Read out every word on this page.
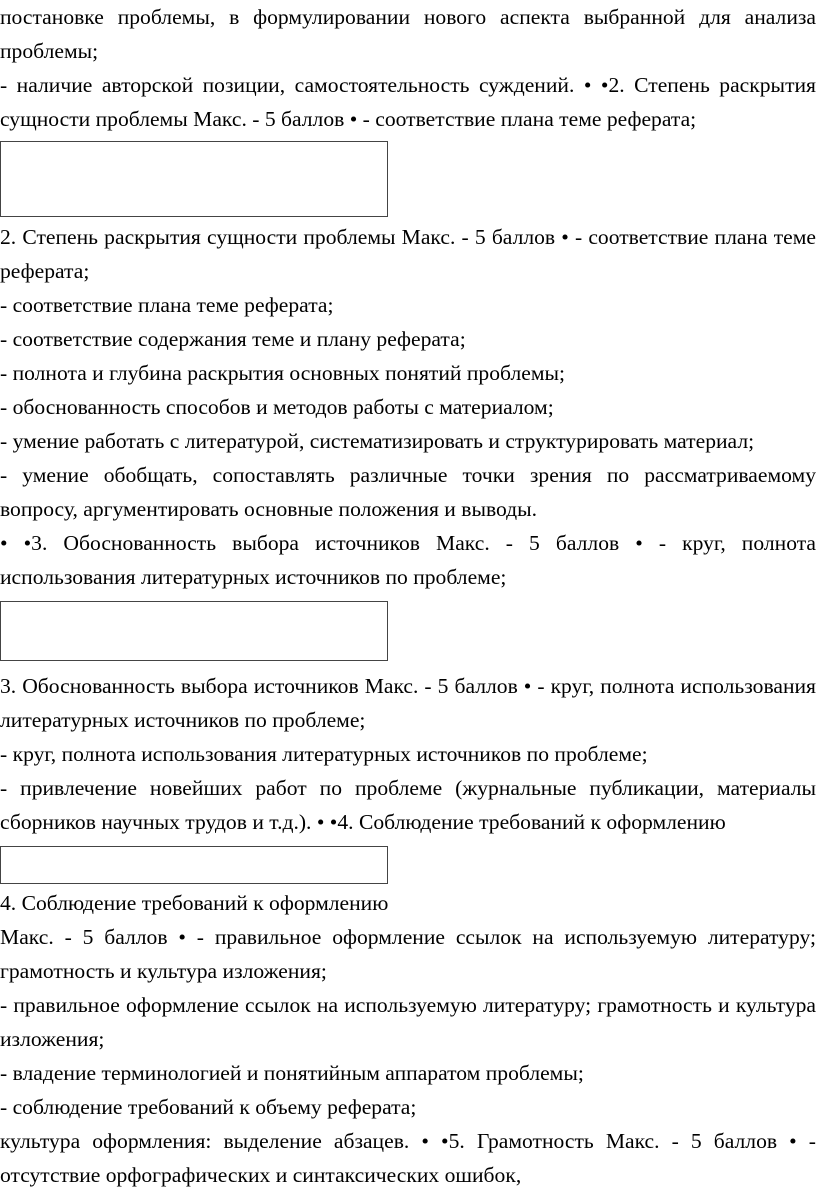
постановке проблемы, в формулировании нового аспекта выбранной для анализа проблемы;

- наличие авторской позиции, самостоятельность суждений. • •2. Степень раскрытия сущности проблемы Макс. - 5 баллов • - соответствие плана теме реферата;

2. Степень раскрытия сущности проблемы Макс. - 5 баллов • - соответствие плана теме реферата;

- соответствие плана теме реферата;

- соответствие содержания теме и плану реферата;

- полнота и глубина раскрытия основных понятий проблемы;

- обоснованность способов и методов работы с материалом;

- умение работать с литературой, систематизировать и структурировать материал;

- умение обобщать, сопоставлять различные точки зрения по рассматриваемому вопросу, аргументировать основные положения и выводы.

• •3. Обоснованность выбора источников Макс. - 5 баллов • - круг, полнота использования литературных источников по проблеме;

3. Обоснованность выбора источников Макс. - 5 баллов • - круг, полнота использования литературных источников по проблеме;

- круг, полнота использования литературных источников по проблеме;

- привлечение новейших работ по проблеме (журнальные публикации, материалы сборников научных трудов и т.д.). • •4. Соблюдение требований к оформлению

4. Соблюдение требований к оформлению

Макс. - 5 баллов • - правильное оформление ссылок на используемую литературу; грамотность и культура изложения;

- правильное оформление ссылок на используемую литературу; грамотность и культура изложения;

- владение терминологией и понятийным аппаратом проблемы;

- соблюдение требований к объему реферата;

культура оформления: выделение абзацев. • •5. Грамотность Макс. - 5 баллов • - отсутствие орфографических и синтаксических ошибок,
